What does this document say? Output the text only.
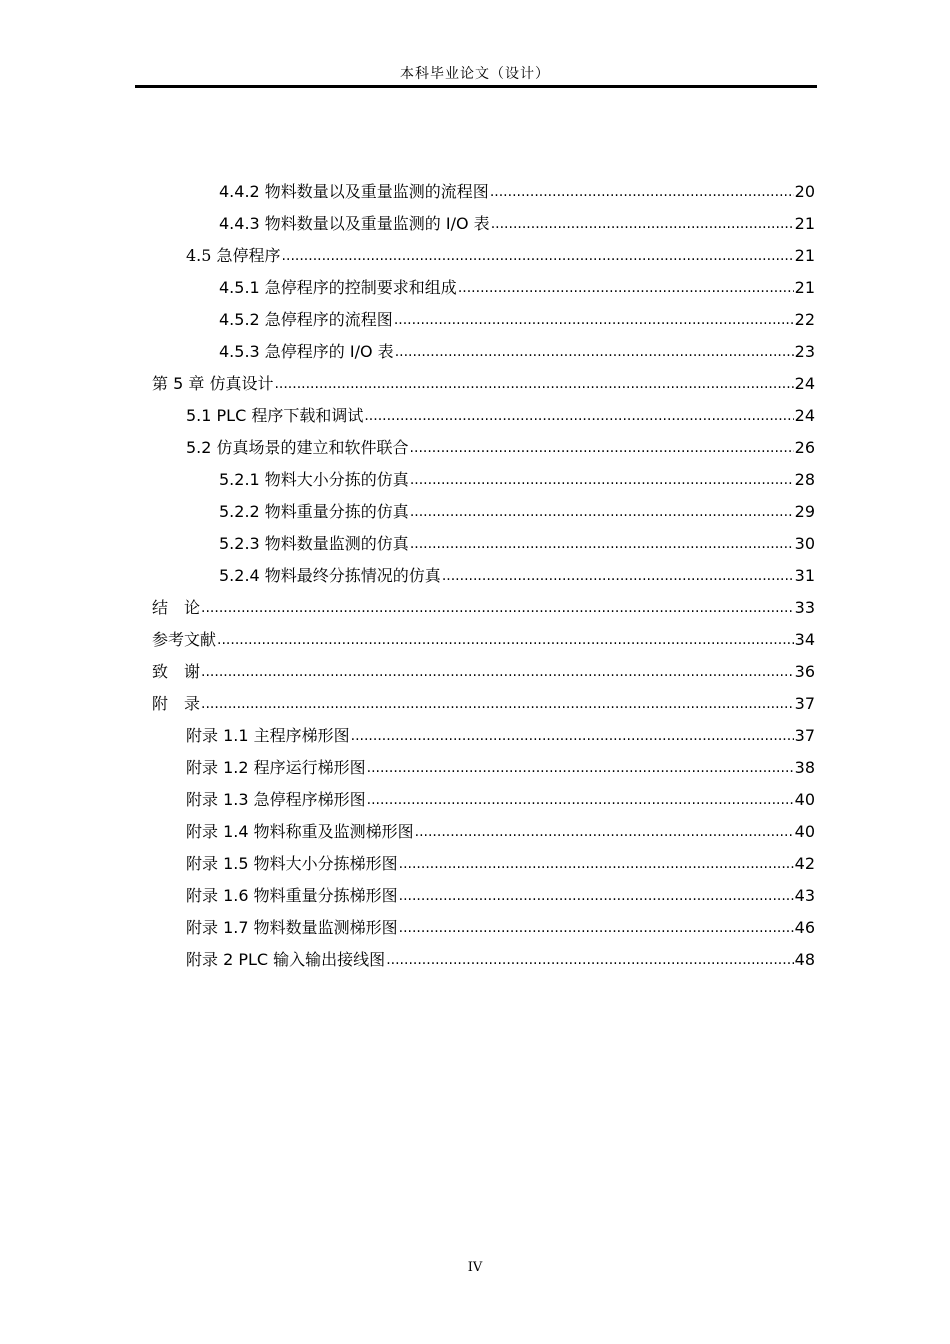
本科毕业论文（设计）
4.4.2 物料数量以及重量监测的流程图 .....	20
4.4.3 物料数量以及重量监测的 I/O 表 .....	21
4.5 急停程序 .....	21
4.5.1 急停程序的控制要求和组成 .....	21
4.5.2 急停程序的流程图 .....	22
4.5.3 急停程序的 I/O 表 .....	23
第 5 章 仿真设计 .....	24
5.1 PLC 程序下载和调试 .....	24
5.2 仿真场景的建立和软件联合 .....	26
5.2.1 物料大小分拣的仿真 .....	28
5.2.2 物料重量分拣的仿真 .....	29
5.2.3 物料数量监测的仿真 .....	30
5.2.4 物料最终分拣情况的仿真 .....	31
结　论 .....	33
参考文献 .....	34
致　谢 .....	36
附　录 .....	37
附录 1.1 主程序梯形图 .....	37
附录 1.2 程序运行梯形图 .....	38
附录 1.3 急停程序梯形图 .....	40
附录 1.4 物料称重及监测梯形图 .....	40
附录 1.5 物料大小分拣梯形图 .....	42
附录 1.6 物料重量分拣梯形图 .....	43
附录 1.7 物料数量监测梯形图 .....	46
附录 2 PLC 输入输出接线图 .....	48
IV
